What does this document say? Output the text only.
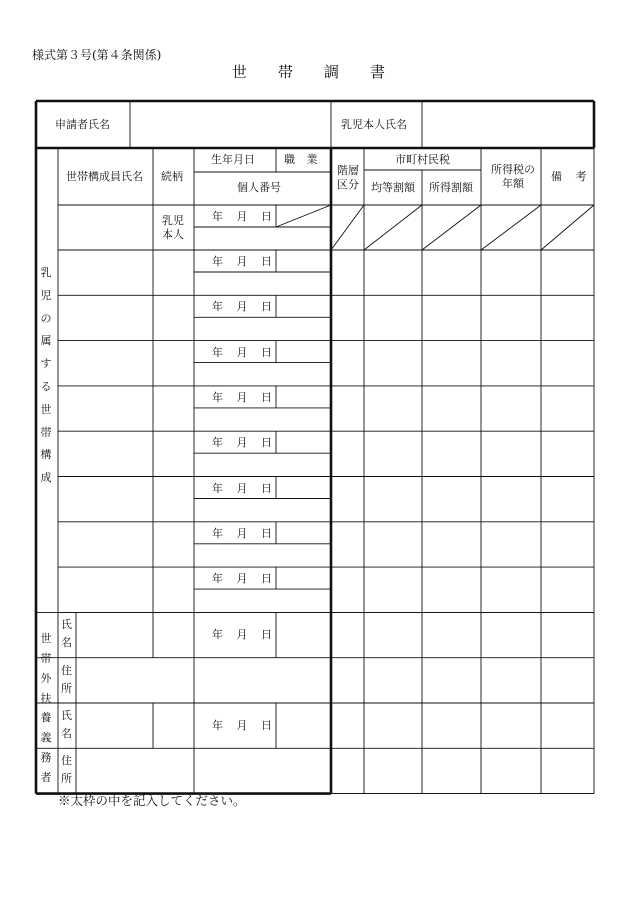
様式第３号(第４条関係)
世帯調書
申請者氏名	乳児本人氏名
世帯構成員氏名 続柄
生年月日	職 業
個人番号
階層区分
市町村民税
均等割額 所得割額
所得税の年額
備 考
乳児本人
乳
児
の
属
す
る
世
帯
構
成
世
帯
外
扶
養
義
務
者
年 月 日
年 月 日
年 月 日
年 月 日
年 月 日
年 月 日
年 月 日
年 月 日
年 月 日
年 月 日
氏名
住所
年 月 日
氏名
住所
※太枠の中を記入してください。
